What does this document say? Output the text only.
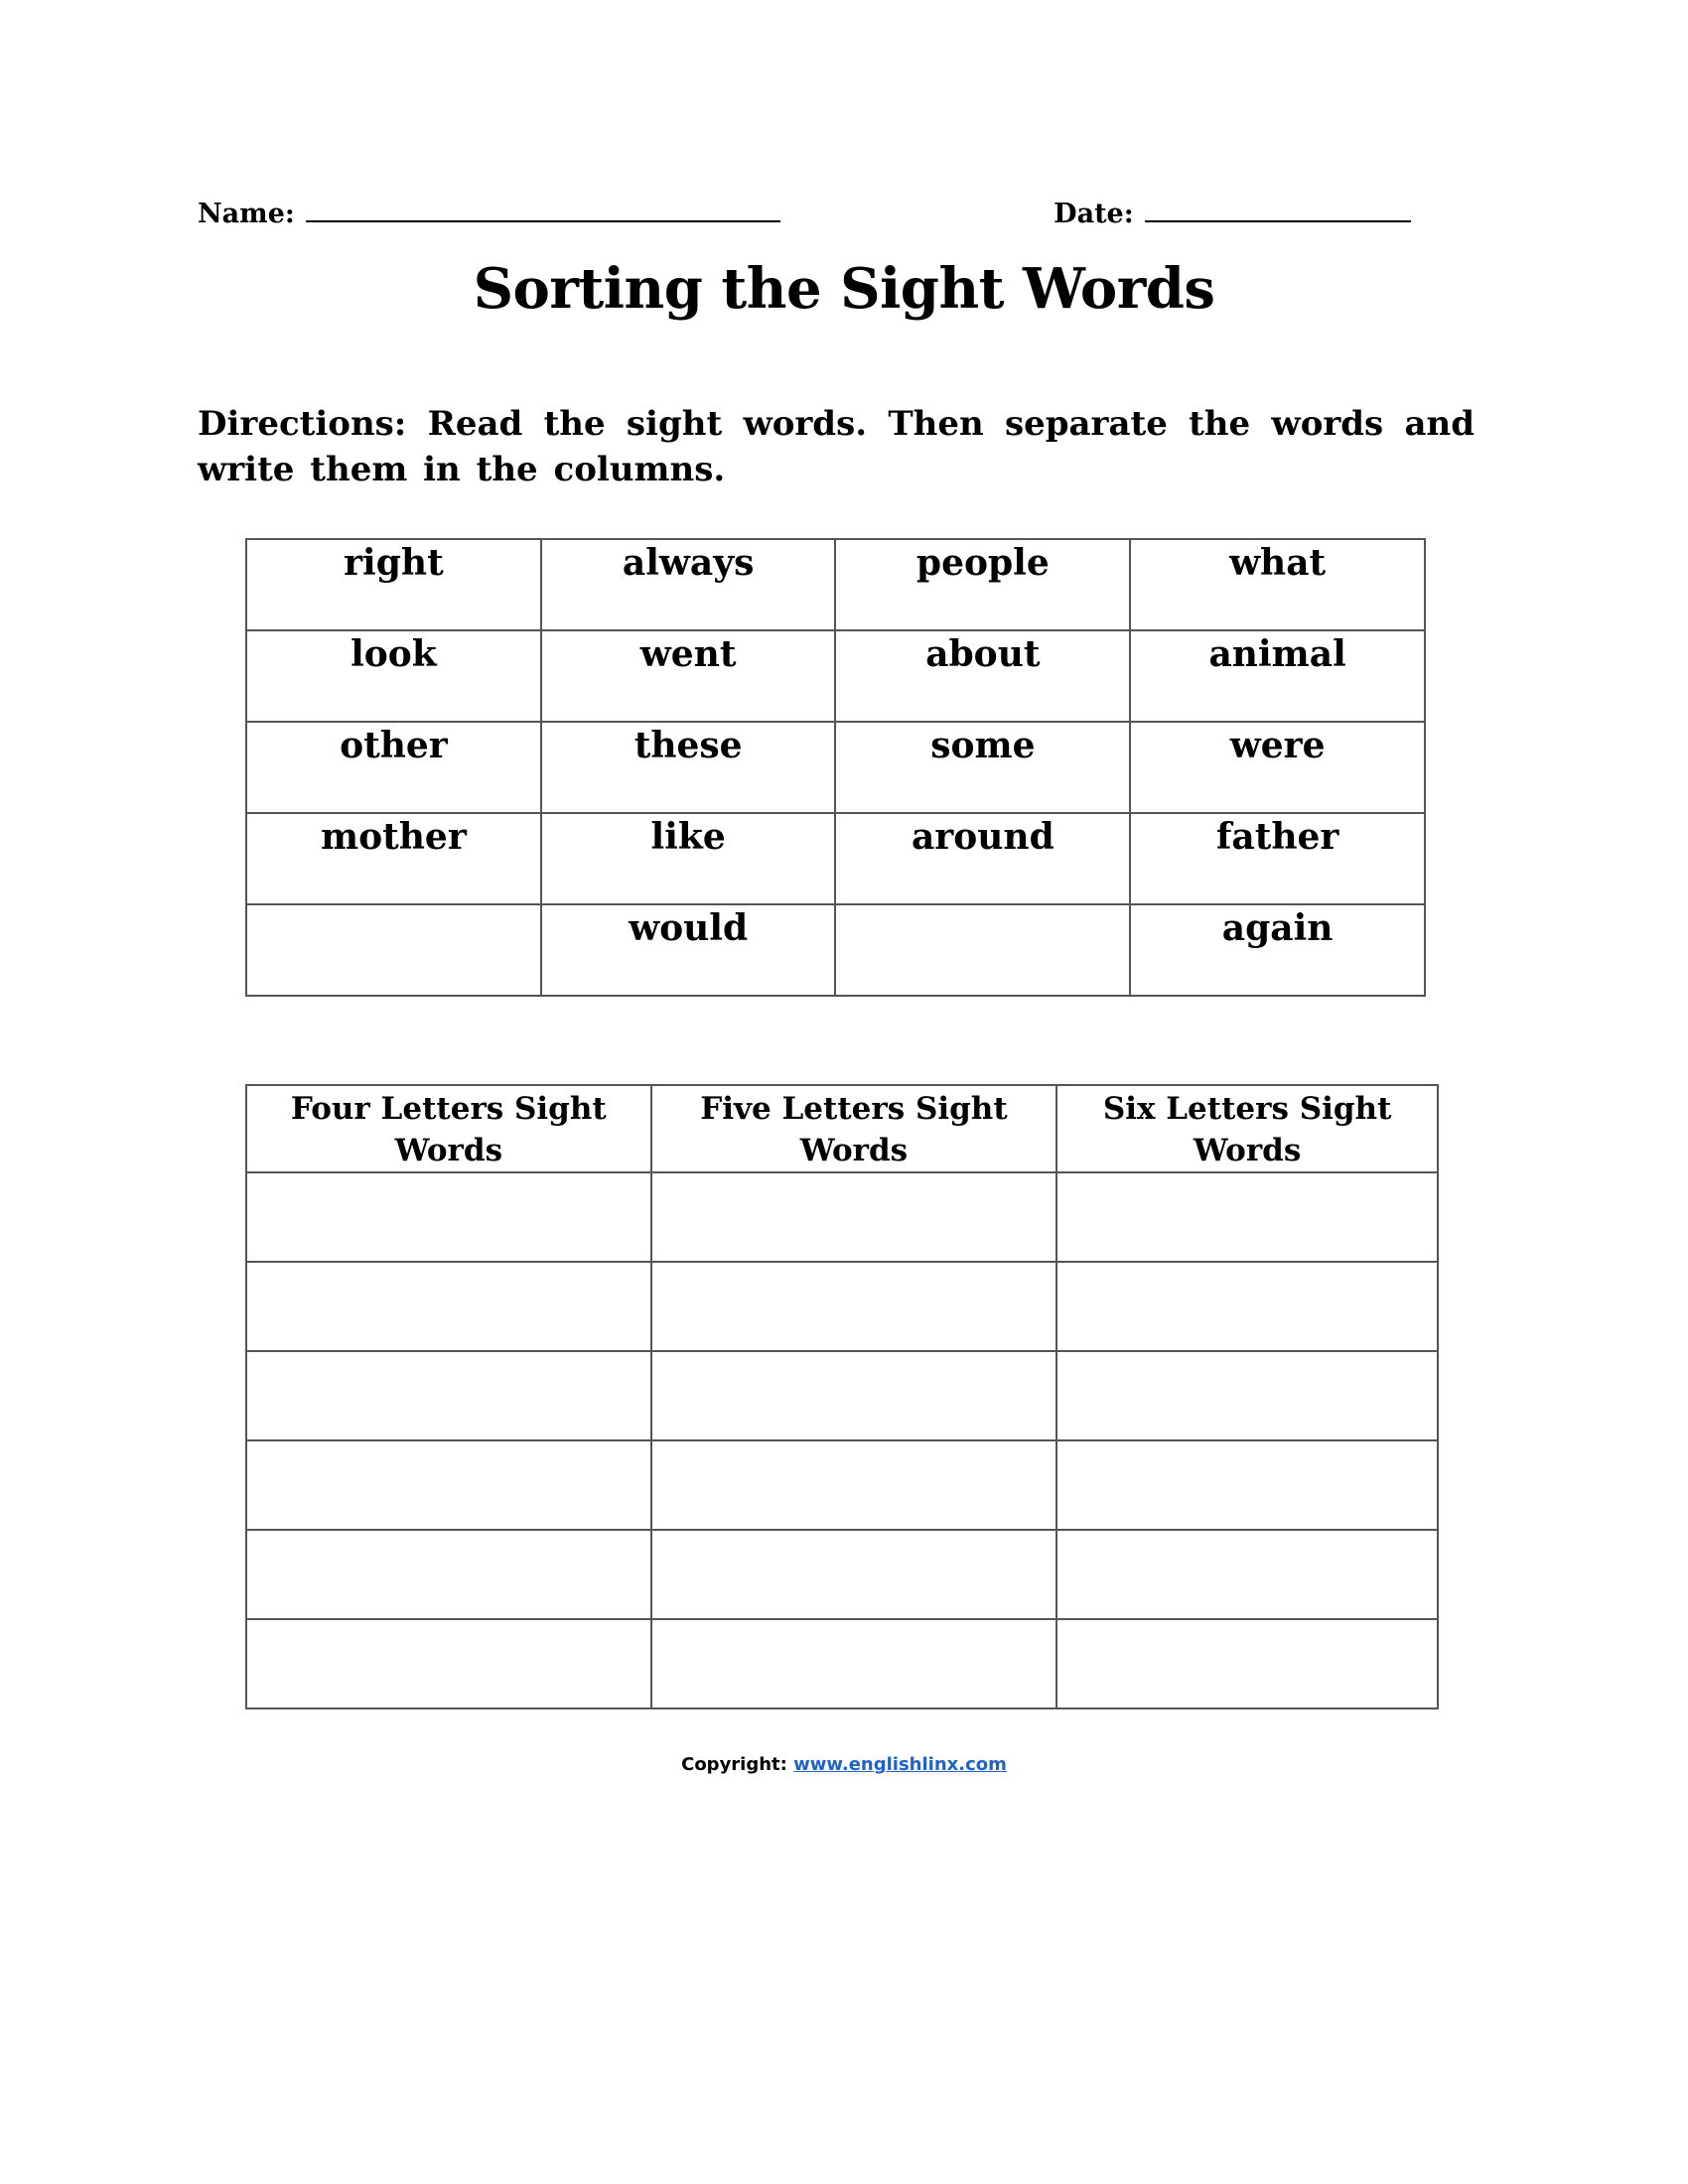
Name:	Date:
Sorting the Sight Words
Directions: Read the sight words. Then separate the words and write them in the columns.
right	always	people	what
look	went	about	animal
other	these	some	were
mother	like	around	father
	would		again
Four Letters Sight Words	Five Letters Sight Words	Six Letters Sight Words

Copyright: www.englishlinx.com
